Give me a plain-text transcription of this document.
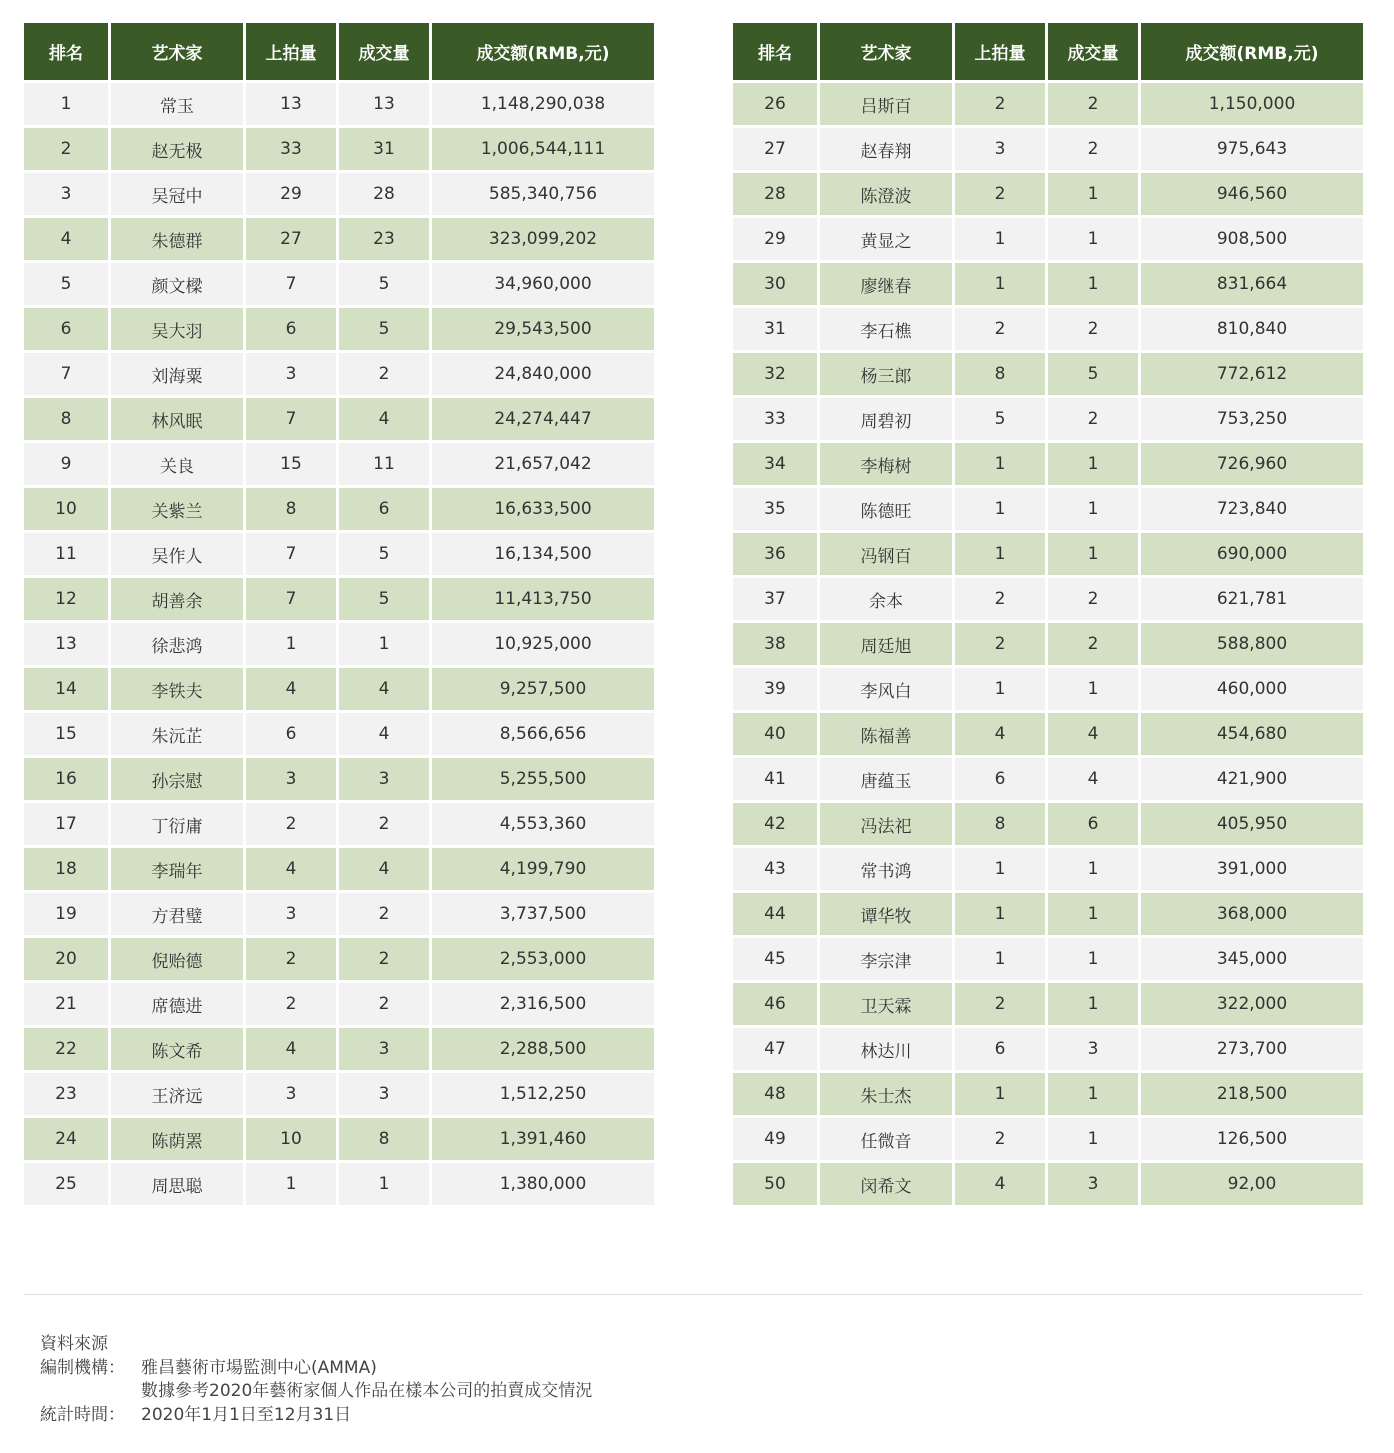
排名	艺术家	上拍量	成交量	成交额(RMB,元)
1	常玉	13	13	1,148,290,038
2	赵无极	33	31	1,006,544,111
3	吴冠中	29	28	585,340,756
4	朱德群	27	23	323,099,202
5	颜文樑	7	5	34,960,000
6	吴大羽	6	5	29,543,500
7	刘海粟	3	2	24,840,000
8	林风眠	7	4	24,274,447
9	关良	15	11	21,657,042
10	关紫兰	8	6	16,633,500
11	吴作人	7	5	16,134,500
12	胡善余	7	5	11,413,750
13	徐悲鸿	1	1	10,925,000
14	李铁夫	4	4	9,257,500
15	朱沅芷	6	4	8,566,656
16	孙宗慰	3	3	5,255,500
17	丁衍庸	2	2	4,553,360
18	李瑞年	4	4	4,199,790
19	方君璧	3	2	3,737,500
20	倪贻德	2	2	2,553,000
21	席德进	2	2	2,316,500
22	陈文希	4	3	2,288,500
23	王济远	3	3	1,512,250
24	陈荫罴	10	8	1,391,460
25	周思聪	1	1	1,380,000
排名	艺术家	上拍量	成交量	成交额(RMB,元)
26	吕斯百	2	2	1,150,000
27	赵春翔	3	2	975,643
28	陈澄波	2	1	946,560
29	黄显之	1	1	908,500
30	廖继春	1	1	831,664
31	李石樵	2	2	810,840
32	杨三郎	8	5	772,612
33	周碧初	5	2	753,250
34	李梅树	1	1	726,960
35	陈德旺	1	1	723,840
36	冯钢百	1	1	690,000
37	余本	2	2	621,781
38	周廷旭	2	2	588,800
39	李风白	1	1	460,000
40	陈福善	4	4	454,680
41	唐蕴玉	6	4	421,900
42	冯法祀	8	6	405,950
43	常书鸿	1	1	391,000
44	谭华牧	1	1	368,000
45	李宗津	1	1	345,000
46	卫天霖	2	1	322,000
47	林达川	6	3	273,700
48	朱士杰	1	1	218,500
49	任微音	2	1	126,500
50	闵希文	4	3	92,00
資料來源
編制機構： 雅昌藝術市場監測中心(AMMA)
數據參考2020年藝術家個人作品在樣本公司的拍賣成交情況
統計時間： 2020年1月1日至12月31日
